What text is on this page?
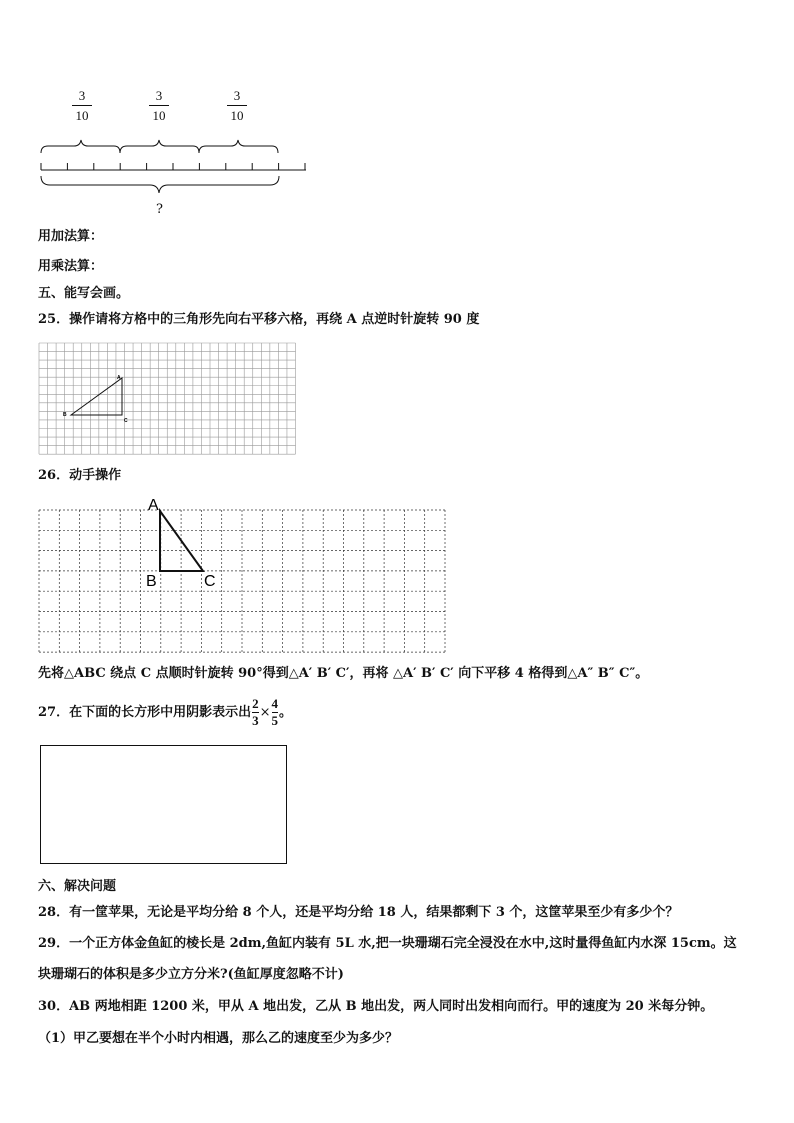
3
10
3
10
3
10
?
用加法算：
用乘法算：
五、能写会画。
25．操作请将方格中的三角形先向右平移六格，再绕 A 点逆时针旋转 90 度
A
B
C
26．动手操作
A
B	C
先将△ABC 绕点 C 点顺时针旋转 90°得到△A′ B′ C′，再将 △A′ B′ C′ 向下平移 4 格得到△A″ B″ C″。
27．在下面的长方形中用阴影表示出 $\frac{2}{3} \times \frac{4}{5}$ 。
六、解决问题
28．有一筐苹果，无论是平均分给 8 个人，还是平均分给 18 人，结果都剩下 3 个，这筐苹果至少有多少个？
29．一个正方体金鱼缸的棱长是 2dm,鱼缸内装有 5L 水,把一块珊瑚石完全浸没在水中,这时量得鱼缸内水深 15cm。这
块珊瑚石的体积是多少立方分米?(鱼缸厚度忽略不计)
30．AB 两地相距 1200 米，甲从 A 地出发，乙从 B 地出发，两人同时出发相向而行。甲的速度为 20 米每分钟。
（1）甲乙要想在半个小时内相遇，那么乙的速度至少为多少？
